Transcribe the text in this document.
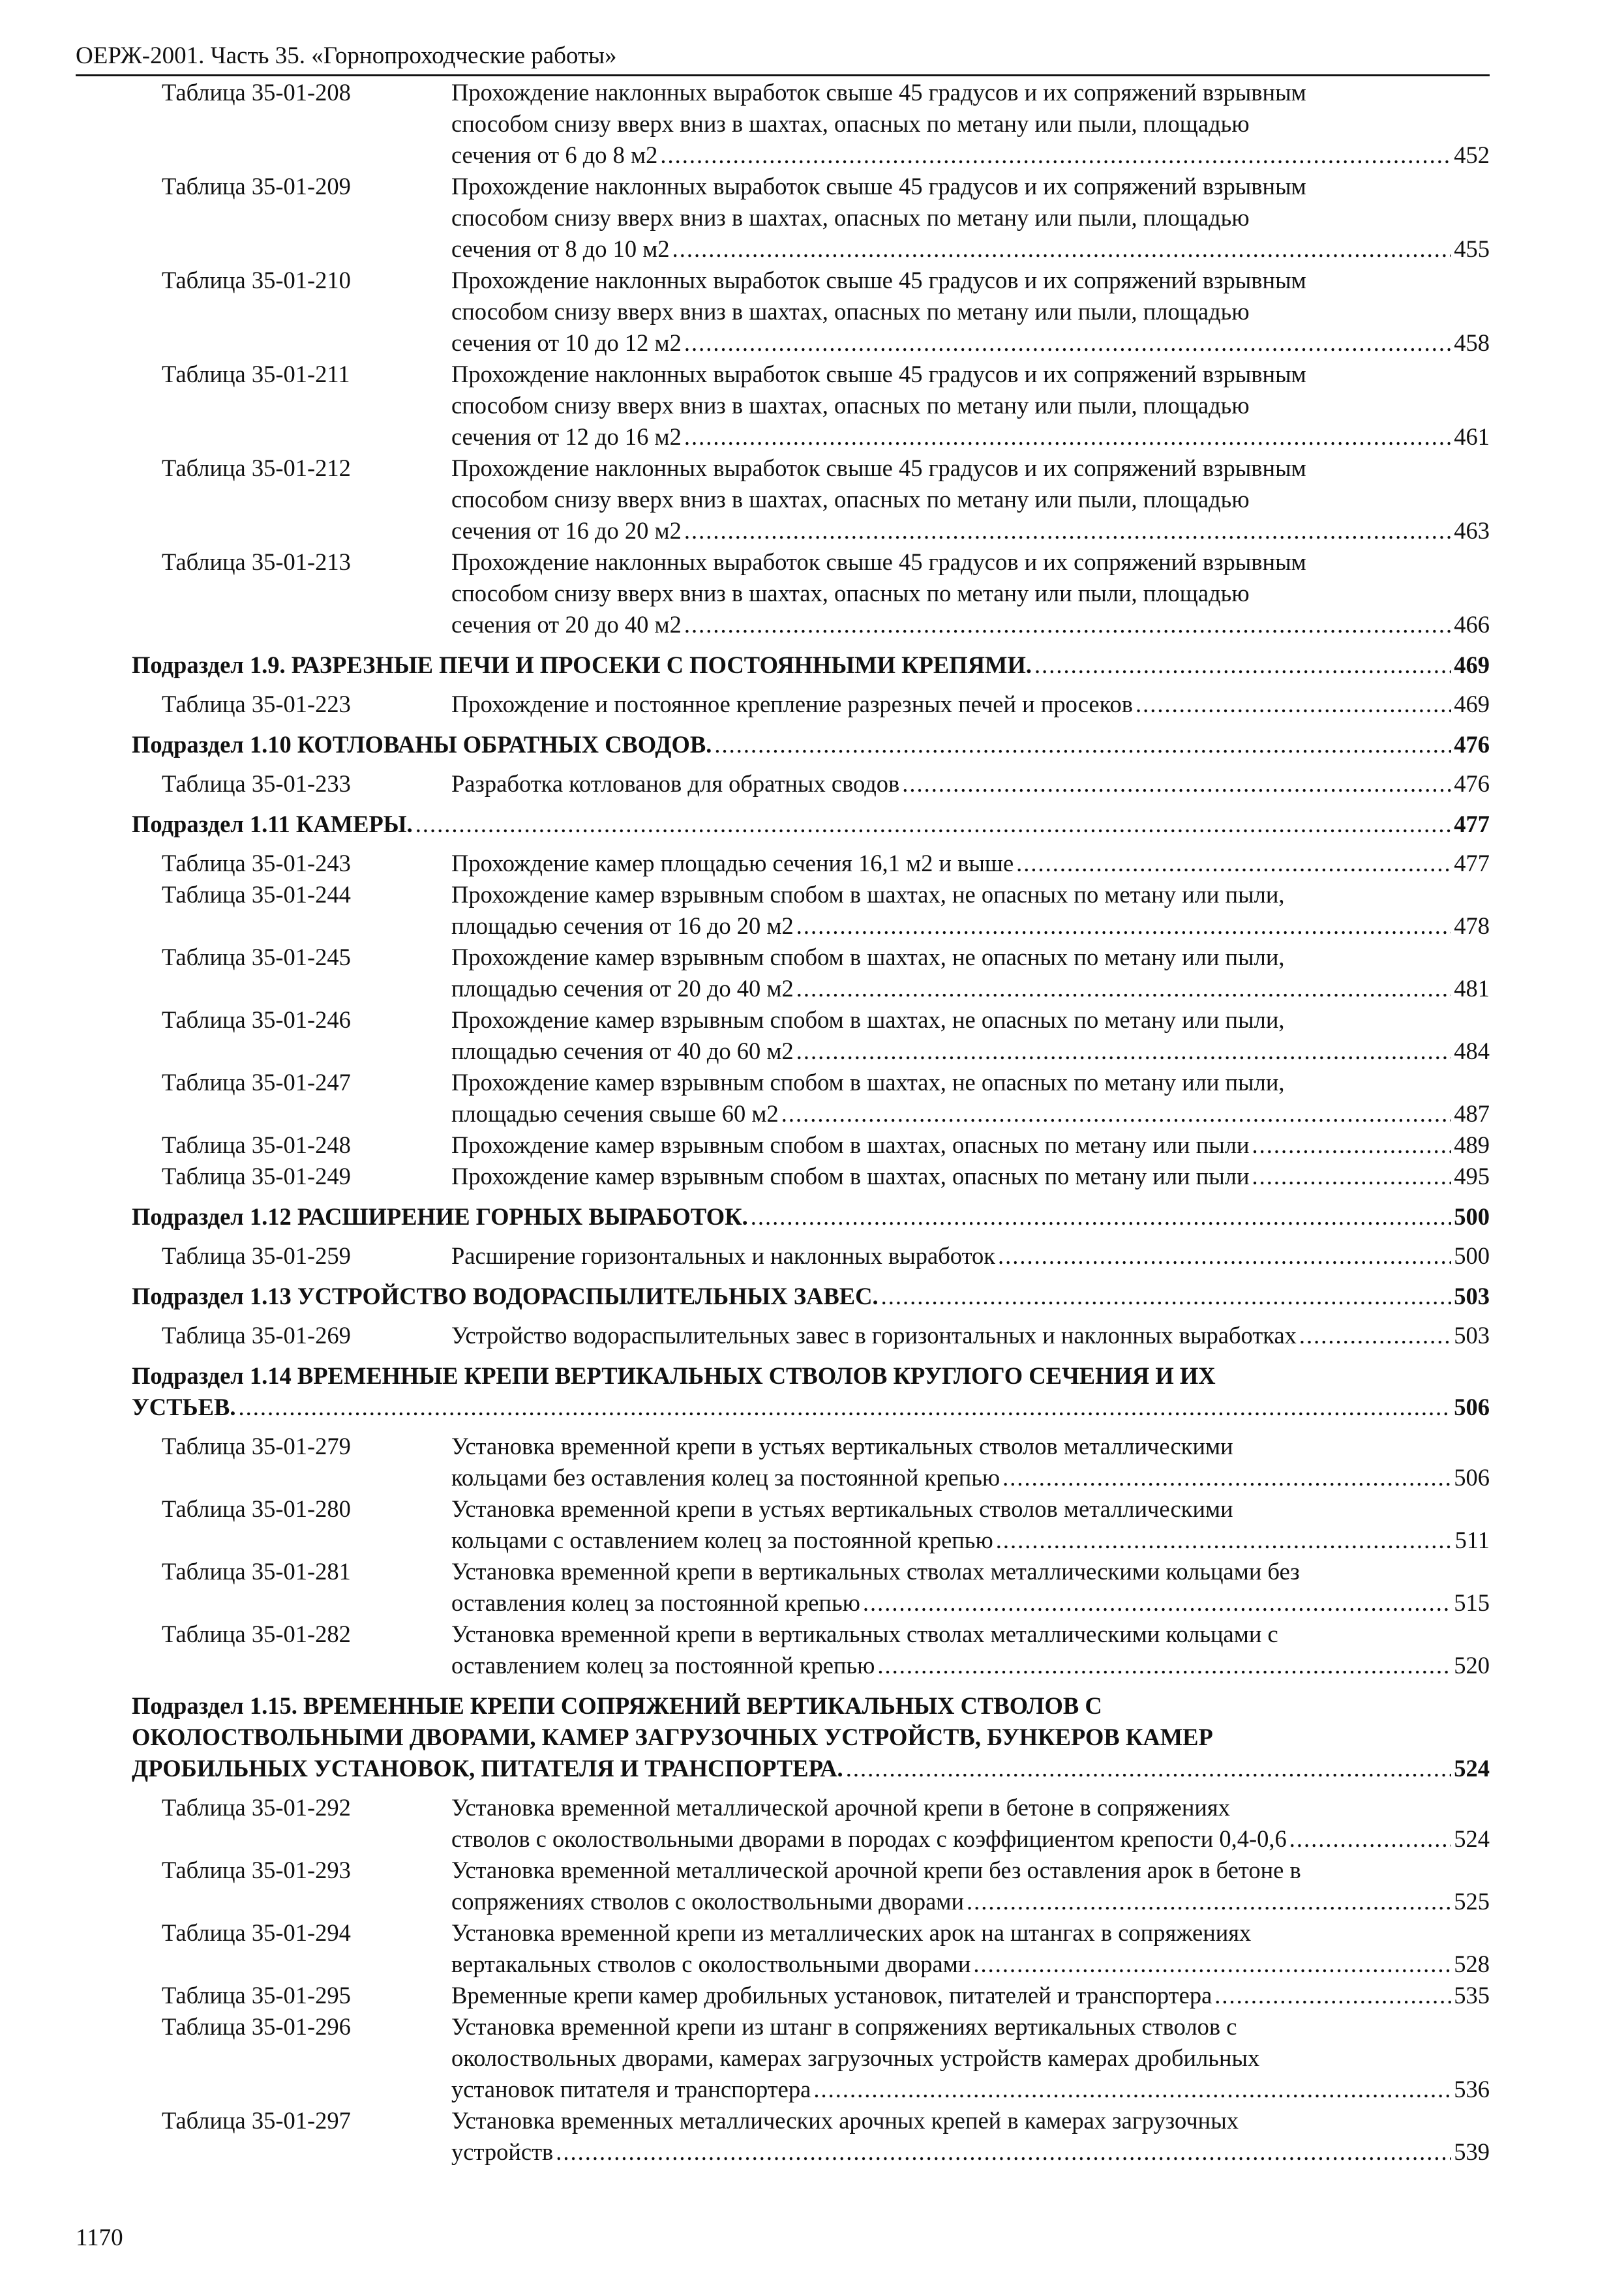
ОЕРЖ-2001. Часть 35. «Горнопроходческие работы»
Таблица 35-01-208	Прохождение наклонных выработок свыше 45 градусов и их сопряжений взрывным
способом снизу вверх вниз в шахтах, опасных по метану или пыли, площадью
сечения от 6 до 8 м2 .....	452
Таблица 35-01-209	Прохождение наклонных выработок свыше 45 градусов и их сопряжений взрывным
способом снизу вверх вниз в шахтах, опасных по метану или пыли, площадью
сечения от 8 до 10 м2 .....	455
Таблица 35-01-210	Прохождение наклонных выработок свыше 45 градусов и их сопряжений взрывным
способом снизу вверх вниз в шахтах, опасных по метану или пыли, площадью
сечения от 10 до 12 м2 .....	458
Таблица 35-01-211	Прохождение наклонных выработок свыше 45 градусов и их сопряжений взрывным
способом снизу вверх вниз в шахтах, опасных по метану или пыли, площадью
сечения от 12 до 16 м2 .....	461
Таблица 35-01-212	Прохождение наклонных выработок свыше 45 градусов и их сопряжений взрывным
способом снизу вверх вниз в шахтах, опасных по метану или пыли, площадью
сечения от 16 до 20 м2 .....	463
Таблица 35-01-213	Прохождение наклонных выработок свыше 45 градусов и их сопряжений взрывным
способом снизу вверх вниз в шахтах, опасных по метану или пыли, площадью
сечения от 20 до 40 м2 .....	466
Подраздел 1.9. РАЗРЕЗНЫЕ ПЕЧИ И ПРОСЕКИ С ПОСТОЯННЫМИ КРЕПЯМИ. .....	469
Таблица 35-01-223	Прохождение и постоянное крепление разрезных печей и просеков .....	469
Подраздел 1.10 КОТЛОВАНЫ ОБРАТНЫХ СВОДОВ. .....	476
Таблица 35-01-233	Разработка котлованов для обратных сводов .....	476
Подраздел 1.11 КАМЕРЫ. .....	477
Таблица 35-01-243	Прохождение камер площадью сечения 16,1 м2 и выше .....	477
Таблица 35-01-244	Прохождение камер взрывным спобом в шахтах, не опасных по метану или пыли,
площадью сечения от 16 до 20 м2 .....	478
Таблица 35-01-245	Прохождение камер взрывным спобом в шахтах, не опасных по метану или пыли,
площадью сечения от 20 до 40 м2 .....	481
Таблица 35-01-246	Прохождение камер взрывным спобом в шахтах, не опасных по метану или пыли,
площадью сечения от 40 до 60 м2 .....	484
Таблица 35-01-247	Прохождение камер взрывным спобом в шахтах, не опасных по метану или пыли,
площадью сечения свыше 60 м2 .....	487
Таблица 35-01-248	Прохождение камер взрывным спобом в шахтах, опасных по метану или пыли .....	489
Таблица 35-01-249	Прохождение камер взрывным спобом в шахтах, опасных по метану или пыли .....	495
Подраздел 1.12 РАСШИРЕНИЕ ГОРНЫХ ВЫРАБОТОК. .....	500
Таблица 35-01-259	Расширение горизонтальных и наклонных выработок .....	500
Подраздел 1.13 УСТРОЙСТВО ВОДОРАСПЫЛИТЕЛЬНЫХ ЗАВЕС. .....	503
Таблица 35-01-269	Устройство водораспылительных завес в горизонтальных и наклонных выработках .....	503
Подраздел 1.14 ВРЕМЕННЫЕ КРЕПИ ВЕРТИКАЛЬНЫХ СТВОЛОВ КРУГЛОГО СЕЧЕНИЯ И ИХ
УСТЬЕВ. .....	506
Таблица 35-01-279	Установка временной крепи в устьях вертикальных стволов металлическими
кольцами без оставления колец за постоянной крепью .....	506
Таблица 35-01-280	Установка временной крепи в устьях вертикальных стволов металлическими
кольцами с оставлением колец за постоянной крепью .....	511
Таблица 35-01-281	Установка временной крепи в вертикальных стволах металлическими кольцами без
оставления колец за постоянной крепью .....	515
Таблица 35-01-282	Установка временной крепи в вертикальных стволах металлическими кольцами с
оставлением колец за постоянной крепью .....	520
Подраздел 1.15. ВРЕМЕННЫЕ КРЕПИ СОПРЯЖЕНИЙ ВЕРТИКАЛЬНЫХ СТВОЛОВ С
ОКОЛОСТВОЛЬНЫМИ ДВОРАМИ, КАМЕР ЗАГРУЗОЧНЫХ УСТРОЙСТВ, БУНКЕРОВ КАМЕР
ДРОБИЛЬНЫХ УСТАНОВОК, ПИТАТЕЛЯ И ТРАНСПОРТЕРА. .....	524
Таблица 35-01-292	Установка временной металлической арочной крепи в бетоне в сопряжениях
стволов с околоствольными дворами в породах с коэффициентом крепости 0,4-0,6 .....	524
Таблица 35-01-293	Установка временной металлической арочной крепи без оставления арок в бетоне в
сопряжениях стволов с околоствольными дворами .....	525
Таблица 35-01-294	Установка временной крепи из металлических арок на штангах в сопряжениях
вертакальных стволов с околоствольными дворами .....	528
Таблица 35-01-295	Временные крепи камер дробильных установок, питателей и транспортера .....	535
Таблица 35-01-296	Установка временной крепи из штанг в сопряжениях вертикальных стволов с
околоствольных дворами, камерах загрузочных устройств камерах дробильных
установок питателя и транспортера .....	536
Таблица 35-01-297	Установка временных металлических арочных крепей в камерах загрузочных
устройств .....	539
1170
